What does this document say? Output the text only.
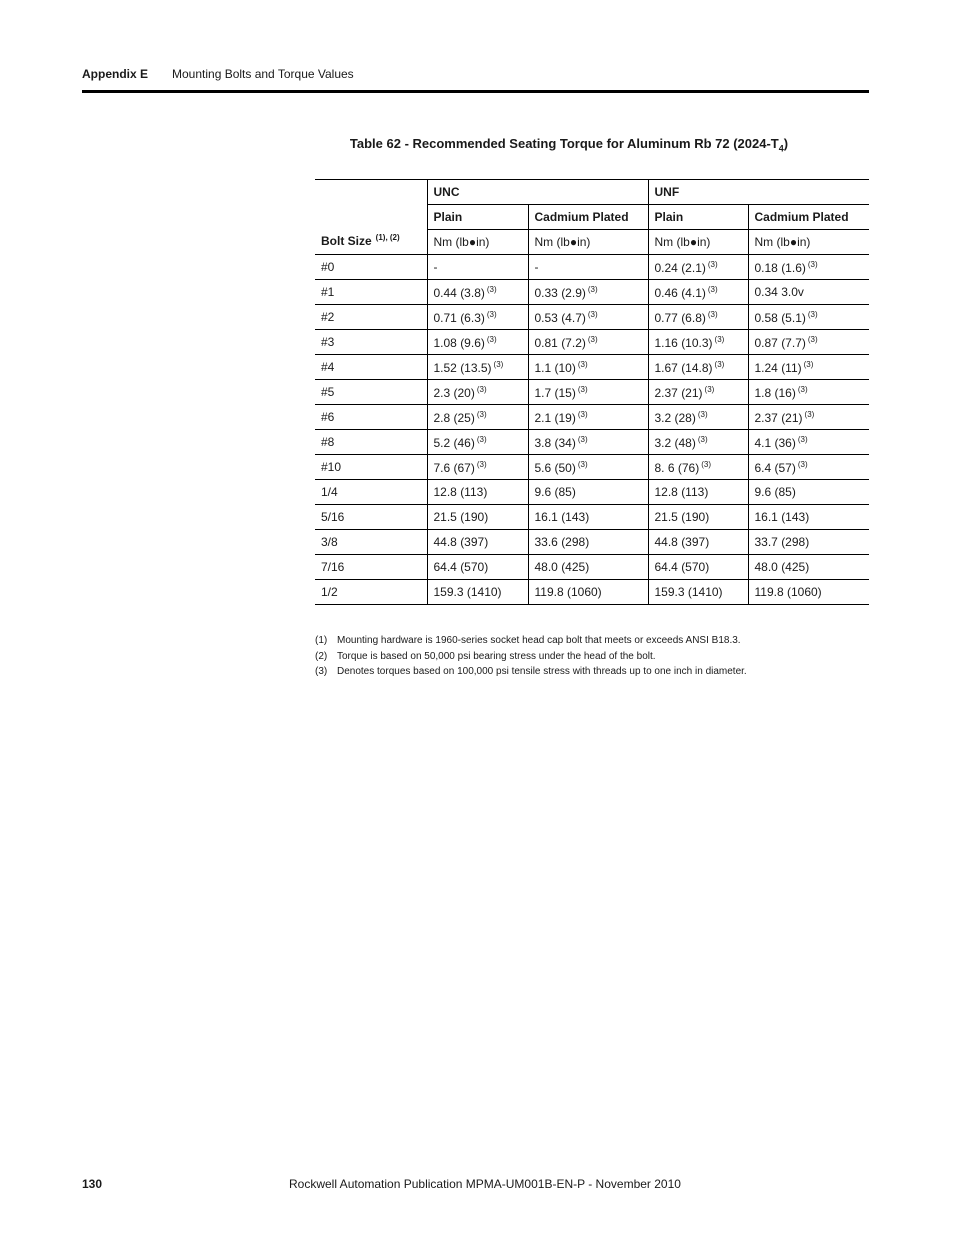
Appendix E Mounting Bolts and Torque Values
Table 62 - Recommended Seating Torque for Aluminum Rb 72 $(2024-T_4)$
Bolt Size $^{(1), (2)}$	UNC		UNF	
	Plain	Cadmium Plated	Plain	Cadmium Plated
	Nm (lb●in)	Nm (lb●in)	Nm (lb●in)	Nm (lb●in)
#0	-	-	0.24 (2.1) $^{(3)}$	0.18 (1.6) $^{(3)}$
#1	0.44 (3.8) $^{(3)}$	0.33 (2.9) $^{(3)}$	0.46 (4.1) $^{(3)}$	0.34 3.0v
#2	0.71 (6.3) $^{(3)}$	0.53 (4.7) $^{(3)}$	0.77 (6.8) $^{(3)}$	0.58 (5.1) $^{(3)}$
#3	1.08 (9.6) $^{(3)}$	0.81 (7.2) $^{(3)}$	1.16 (10.3) $^{(3)}$	0.87 (7.7) $^{(3)}$
#4	1.52 (13.5) $^{(3)}$	1.1 (10) $^{(3)}$	1.67 (14.8) $^{(3)}$	1.24 (11) $^{(3)}$
#5	2.3 (20) $^{(3)}$	1.7 (15) $^{(3)}$	2.37 (21) $^{(3)}$	1.8 (16) $^{(3)}$
#6	2.8 (25) $^{(3)}$	2.1 (19) $^{(3)}$	3.2 (28) $^{(3)}$	2.37 (21) $^{(3)}$
#8	5.2 (46) $^{(3)}$	3.8 (34) $^{(3)}$	3.2 (48) $^{(3)}$	4.1 (36) $^{(3)}$
#10	7.6 (67) $^{(3)}$	5.6 (50) $^{(3)}$	8. 6 (76) $^{(3)}$	6.4 (57) $^{(3)}$
1/4	12.8 (113)	9.6 (85)	12.8 (113)	9.6 (85)
5/16	21.5 (190)	16.1 (143)	21.5 (190)	16.1 (143)
3/8	44.8 (397)	33.6 (298)	44.8 (397)	33.7 (298)
7/16	64.4 (570)	48.0 (425)	64.4 (570)	48.0 (425)
1/2	159.3 (1410)	119.8 (1060)	159.3 (1410)	119.8 (1060)
(1) Mounting hardware is 1960-series socket head cap bolt that meets or exceeds ANSI B18.3.
(2) Torque is based on 50,000 psi bearing stress under the head of the bolt.
(3) Denotes torques based on 100,000 psi tensile stress with threads up to one inch in diameter.
130	Rockwell Automation Publication MPMA-UM001B-EN-P - November 2010
